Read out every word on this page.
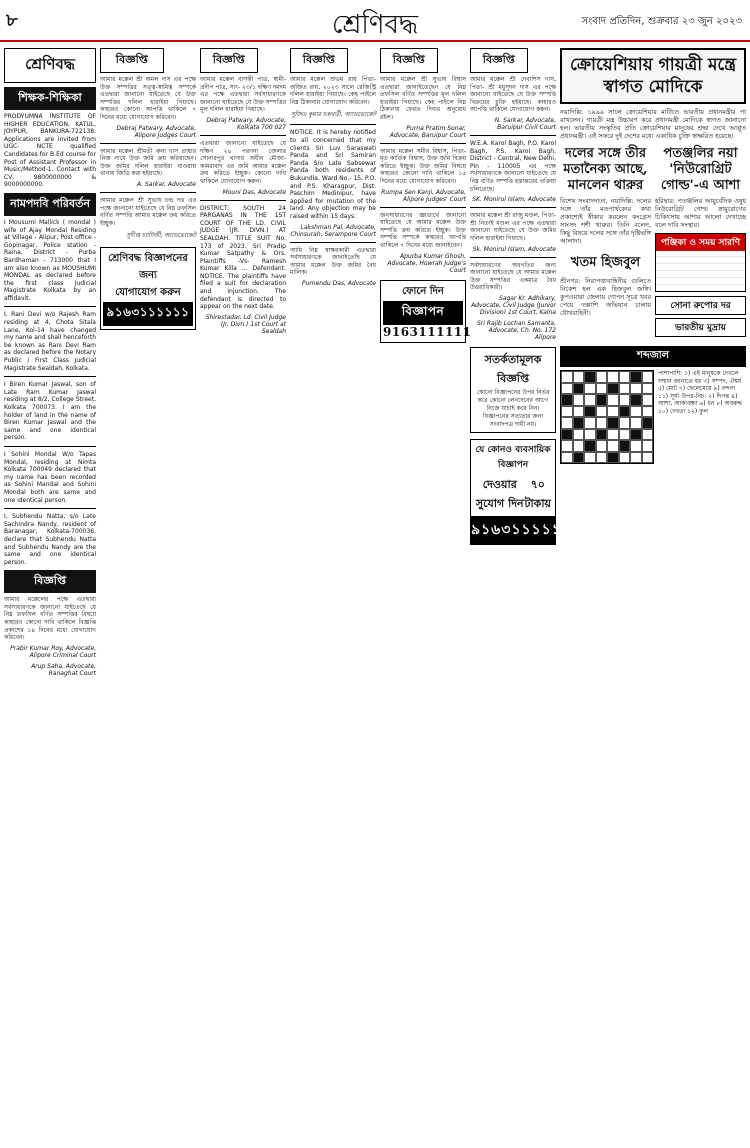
৮	শ্রেণিবদ্ধ	সংবাদ প্রতিদিন, শুক্রবার ২৩ জুন ২০২৩
শ্রেণিবদ্ধ
শিক্ষক-শিক্ষিকা

PRODYUMNA INSTITUTE OF HIGHER EDUCATION, KATUL, JOYPUR, BANKURA-722138. Applications are invited from UGC- NCTE qualified Candidates for B.Ed course for Post of Assistant Professor in Music/Method-1. Contact with CV, 9800000000 & 9000000000.

নামপদবি পরিবর্তন

I Mousumi Mallick ( mondal ) wife of Ajay Mondal Residing at Village - Alipur, Post office - Gopinagar, Police station - Raina, District - Purba Bardhaman - 713000 that I am also known as MOUSHUMI MONDAL as declared before the first class Judicial Magistrate Kolkata by an affidavit.

I, Rani Devi w/o Rajesh Ram residing at 4, Chota Sitala Lane, Kol-14 have changed my name and shall henceforth be known as Rani Devi Ram as declared before the Notary Public / First Class Judicial Magistrate Sealdah, Kolkata.

I Biren Kumar Jaswal, son of Late Ram Kumar Jaswal residing at 8/2, College Street, Kolkata 700073. I am the holder of land in the name of Biren Kumar Jaswal and the same and one identical person.

I Sohini Mondal W/o Tapas Mondal, residing at Nimta Kolkata 700049 declared that my name has been recorded as Sohini Mandal and Sohini Mondal both are same and one identical person.

I, Subhendu Natta, s/o Late Sachindra Nandy, resident of Baranagar, Kolkata-700036, declare that Subhendu Natta and Subhendu Nandy are the same and one identical person.

বিজ্ঞপ্তি

আমার মক্কেলের পক্ষে এতদ্বারা সর্বসাধারণকে জানানো যাইতেছে যে নিম্ন তফসিল বর্ণিত সম্পত্তির বিষয়ে কাহারও কোনো দাবি থাকিলে বিজ্ঞপ্তি প্রকাশের ১৪ দিনের মধ্যে যোগাযোগ করিবেন।

Prabir Kumar Roy, Advocate, Alipore Criminal Court
Arup Saha, Advocate, Ranaghat Court
বিজ্ঞপ্তি

আমার মক্কেল শ্রী অমল দাস এর পক্ষে উক্ত সম্পত্তির সত্ত্ব-স্বামিত্ব সম্পর্কে এতদ্বারা জানানো যাইতেছে যে উক্ত সম্পত্তির দলিল হারাইয়া গিয়াছে। কাহারও কোনো আপত্তি থাকিলে ৭ দিনের মধ্যে যোগাযোগ করিবেন।

Debraj Patwary, Advocate, Alipore Judges Court

আমার মক্কেল শ্রীমতী রুনা দাস তাহার নিজ নামে উক্ত জমি ক্রয় করিয়াছেন। উক্ত জমির দলিল হারাইয়া যাওয়ায় থানায় জিডি করা হইয়াছে।

A. Sarkar, Advocate

আমার মক্কেল শ্রী সুভাষ চন্দ্র দত্ত এর পক্ষে জানানো যাইতেছে যে নিম্ন তফসিল বর্ণিত সম্পত্তি আমার মক্কেল ক্রয় করিতে ইচ্ছুক।

সুদীপ্ত চ্যাটার্জী, অ্যাডভোকেট
শ্রেণিবদ্ধ বিজ্ঞাপনের জন্য
যোগাযোগ করুন
৯১৬৩১১১১১১
বিজ্ঞপ্তি

আমার মক্কেল বাসন্তী পাত্র, স্বামী-প্রদীপ পাত্র, সাং- ২৩/১ দক্ষিণ দমদম এর পক্ষে এতদ্বারা সর্বসাধারণকে জানানো যাইতেছে যে উক্ত সম্পত্তির মূল দলিল হারাইয়া গিয়াছে।

Debraj Patwary, Advocate, Kolkata 700 027

এতদ্বারা জানানো যাইতেছে যে দক্ষিণ ২৪ পরগনা জেলার সোনারপুর থানার অধীন মৌজা- কামরাবাদ এর জমি আমার মক্কেল ক্রয় করিতে ইচ্ছুক। কোনো দাবি থাকিলে যোগাযোগ করুন।

Mouni Das, Advocate

DISTRICT: SOUTH 24 PARGANAS IN THE 1ST COURT OF THE LD. CIVIL JUDGE (JR. DIVN.) AT SEALDAH. TITLE SUIT No. 173 of 2023. Sri Pradip Kumar Satpathy & Ors. Plaintiffs -Vs- Ramesh Kumar Killa ... Defendant. NOTICE. The plaintiffs have filed a suit for declaration and injunction. The defendant is directed to appear on the next date.

Shirestadar, Ld. Civil Judge (Jr. Divn.) 1st Court at Sealdah
বিজ্ঞপ্তি

আমার মক্কেল শুভম রায় পিতা- অজিত রায়, ২০২৩ সালে রেজিস্ট্রি দলিল হারাইয়া গিয়াছে। কেহ পাইলে নিম্ন ঠিকানায় যোগাযোগ করিবেন।

সুজিত কুমার চক্রবর্তী, অ্যাডভোকেট

NOTICE. It is hereby notified to all concerned that my clients Sri Luv Saraswati Panda and Sri Samiran Panda S/o Late Sabsewar Panda both residents of Bukundia, Ward No.- 15, P.O. and P.S. Kharagpur, Dist. Paschim Medinipur, have applied for mutation of the land. Any objection may be raised within 15 days.

Lakshman Pal, Advocate, Chinsurah, Serampore Court

আমি নিম্ন স্বাক্ষরকারী এতদ্বারা সর্বসাধারণকে জানাইতেছি যে আমার মক্কেল উক্ত জমির বৈধ মালিক।

Purnendu Das, Advocate
বিজ্ঞপ্তি

আমার মক্কেল শ্রী সুভাষ বিশ্বাস এতদ্বারা জানাইতেছেন যে নিম্ন তফসিল বর্ণিত সম্পত্তির মূল দলিল হারাইয়া গিয়াছে। কেহ পাইলে নিম্ন ঠিকানায় ফেরত দিবার অনুরোধ রইল।

Purna Pratim Sonar, Advocate, Baruipur Court

আমার মক্কেল সমীর বিশ্বাস, পিতা- মৃত কার্তিক বিশ্বাস, উক্ত জমি বিক্রয় করিতে ইচ্ছুক। উক্ত জমির বিষয়ে কাহারও কোনো দাবি থাকিলে ১৫ দিনের মধ্যে যোগাযোগ করিবেন।

Rumpa Sen Kanji, Advocate, Alipore Judges' Court

জনসাধারণের জ্ঞাতার্থে জানানো যাইতেছে যে আমার মক্কেল উক্ত সম্পত্তি ক্রয় করিতে ইচ্ছুক। উক্ত সম্পত্তি সম্পর্কে কাহারও আপত্তি থাকিলে ৭ দিনের মধ্যে জানাইবেন।

Apurba Kumar Ghosh, Advocate, Howrah Judge's Court
ফোনে দিন
বিজ্ঞাপন
9163111111
বিজ্ঞপ্তি

আমার মক্কেল শ্রী দেবাশিস দাস, পিতা- শ্রী মধুসূদন দাস এর পক্ষে জানানো যাইতেছে যে উক্ত সম্পত্তি বিক্রয়ের চুক্তি হইয়াছে। কাহারও আপত্তি থাকিলে যোগাযোগ করুন।

N. Sarkar, Advocate, Baruipur Civil Court

W.E.A. Karol Bagh, P.O. Karol Bagh, P.S. Karol Bagh, District - Central, New Delhi, Pin - 110005 এর পক্ষে সর্বসাধারণকে জানানো যাইতেছে যে নিম্ন বর্ণিত সম্পত্তি হস্তান্তরের প্রক্রিয়া চলিতেছে।

SK. Monirul Islam, Advocate

আমার মক্কেল শ্রী রাজু মণ্ডল, পিতা- শ্রী নিতাই মণ্ডল এর পক্ষে এতদ্বারা জানানো যাইতেছে যে উক্ত জমির দলিল হারাইয়া গিয়াছে।

Sk. Monirul Islam, Advocate

সর্বসাধারণের অবগতির জন্য জানানো যাইতেছে যে আমার মক্কেল উক্ত সম্পত্তির একমাত্র বৈধ উত্তরাধিকারী।

Sagar Kr. Adhikary, Advocate, Civil Judge (Junior Division) 1st Court, Kalna
Sri Rajib Lochan Samanta, Advocate, Ch. No. 172 Alipore
সতর্কতামূলক বিজ্ঞপ্তি
কোনো বিজ্ঞাপনের উপর নির্ভর করে কোনো লেনদেনের আগে নিজে যাচাই করে নিন। বিজ্ঞাপনের সত্যতার জন্য সংবাদপত্র দায়ী নয়।
যে কোনও ব্যবসায়িক বিজ্ঞাপন
দেওয়ার সুযোগ দিন
৭০ টাকায়
৯১৬৩১১১১১১
ক্রোয়েশিয়ায় গায়ত্রী মন্ত্রে স্বাগত মোদিকে
নয়াদিল্লি: ১৯৯৯ সালে ক্রোয়েশিয়ার মাটিতে ভারতীয় প্রধানমন্ত্রীর পা রাখলেন। গায়ত্রী মন্ত্র উচ্চারণ করে প্রধানমন্ত্রী মোদিকে স্বাগত জানানো হল। ভারতীয় সংস্কৃতির প্রতি ক্রোয়েশিয়ার মানুষের শ্রদ্ধা দেখে আপ্লুত প্রধানমন্ত্রী। এই সফরে দুই দেশের মধ্যে একাধিক চুক্তি স্বাক্ষরিত হয়েছে।
দলের সঙ্গে তীর মতানৈক্য আছে, মানলেন থারুর
বিশেষ সংবাদদাতা, নয়াদিল্লি: দলের সঙ্গে তাঁর মতপার্থক্যের কথা প্রকাশ্যেই স্বীকার করলেন কংগ্রেস সাংসদ শশী থারুর। তিনি বলেন, কিছু বিষয়ে দলের সঙ্গে তাঁর দৃষ্টিভঙ্গি আলাদা।
খতম হিজবুল
শ্রীনগর: নিরাপত্তাবাহিনীর গুলিতে নিকেশ হল এক হিজবুল জঙ্গি। কুপওয়ারা জেলায় গোপন সূত্রে খবর পেয়ে তল্লাশি অভিযান চালায় যৌথবাহিনী।
পতঞ্জলির নয়া 'নিউরোগ্রিট গোল্ড'-এ আশা
হরিদ্বার: পতঞ্জলির আয়ুর্বেদিক ওষুধ নিউরোগ্রিট গোল্ড স্নায়ুরোগের চিকিৎসায় আশার আলো দেখাচ্ছে বলে দাবি সংস্থার।
পঞ্জিকা ও সময় সারণি
সোনা রুপোর দর
ভারতীয় মুদ্রায়
শব্দজাল
পাশাপাশি: ১) এই মানুষকে দেখলে সম্মান জানাতে হয় ৩) সম্পদ, ঐশ্বর্য ৫) মোট ৭) ছেলেমেয়ে ৯) বন্দনা ১১) সূর্য। উপর-নিচ: ২) দিগন্ত ৪) আশা, আকাঙ্ক্ষা ৬) ধন ৮) অবরুদ্ধ ১০) দেবতা ১২) ফুল
